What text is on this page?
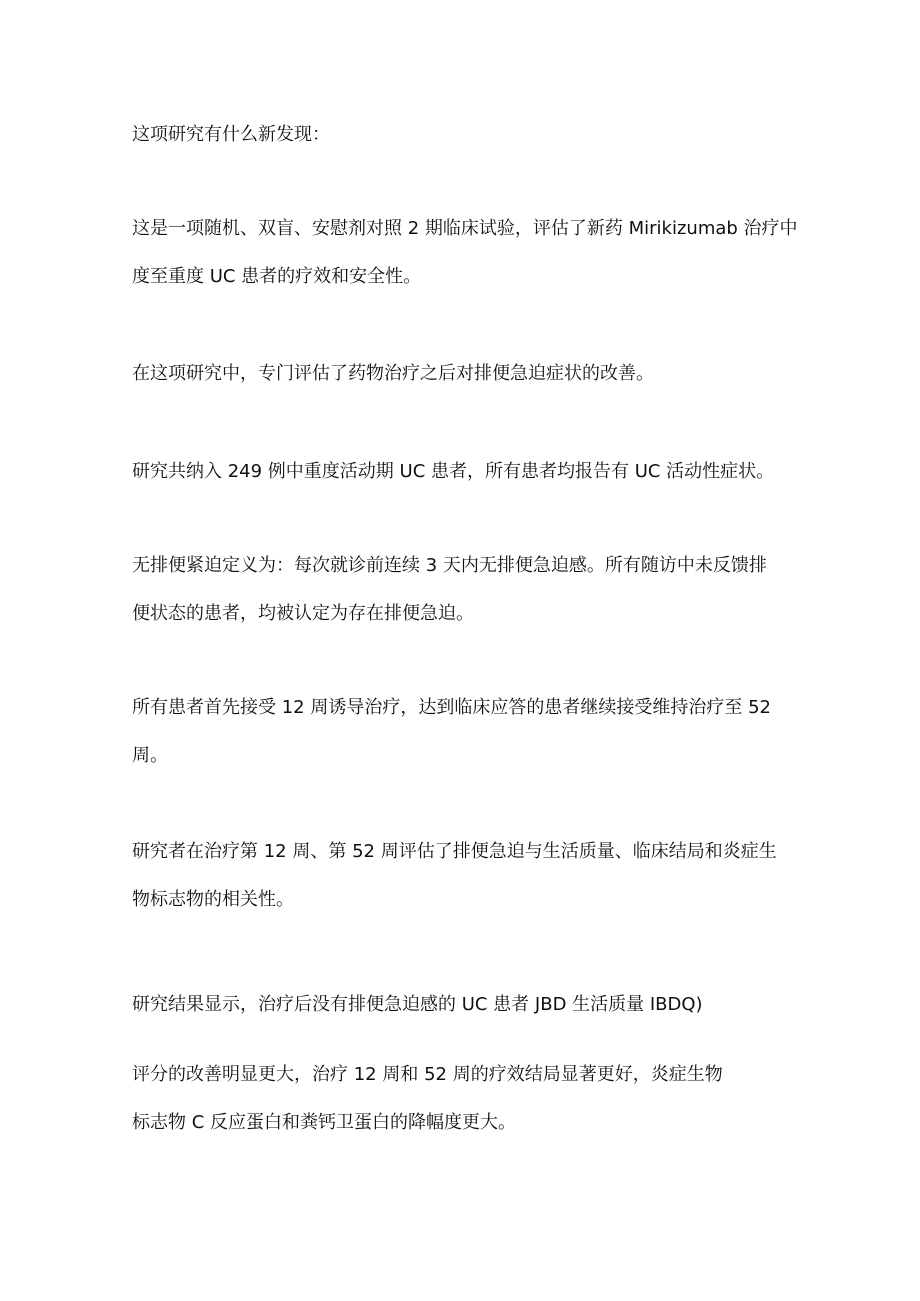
这项研究有什么新发现：

这是一项随机、双盲、安慰剂对照 2 期临床试验，评估了新药 Mirikizumab 治疗中

度至重度 UC 患者的疗效和安全性。

在这项研究中，专门评估了药物治疗之后对排便急迫症状的改善。

研究共纳入 249 例中重度活动期 UC 患者，所有患者均报告有 UC 活动性症状。

无排便紧迫定义为：每次就诊前连续 3 天内无排便急迫感。所有随访中未反馈排

便状态的患者，均被认定为存在排便急迫。

所有患者首先接受 12 周诱导治疗，达到临床应答的患者继续接受维持治疗至 52

周。

研究者在治疗第 12 周、第 52 周评估了排便急迫与生活质量、临床结局和炎症生

物标志物的相关性。

研究结果显示，治疗后没有排便急迫感的 UC 患者 JBD 生活质量 IBDQ)

评分的改善明显更大，治疗 12 周和 52 周的疗效结局显著更好，炎症生物

标志物 C 反应蛋白和粪钙卫蛋白的降幅度更大。
